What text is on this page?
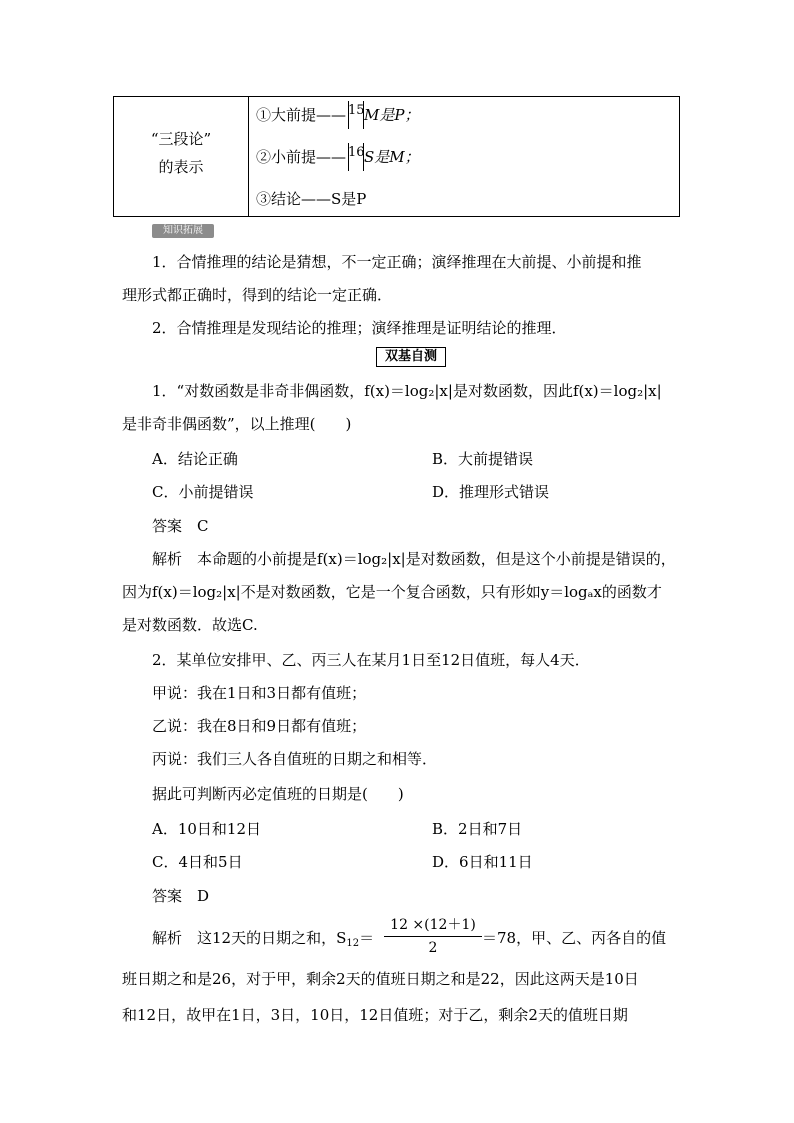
“三段论”
的表示
①大前提—— 15 M是P；
②小前提—— 16 S是M；
③结论——S是P
知识拓展
1．合情推理的结论是猜想，不一定正确；演绎推理在大前提、小前提和推
理形式都正确时，得到的结论一定正确．
2．合情推理是发现结论的推理；演绎推理是证明结论的推理．
双基自测
1．“对数函数是非奇非偶函数，f(x)＝log₂|x|是对数函数，因此f(x)＝log₂|x|
是非奇非偶函数”，以上推理(　　)
A．结论正确	B．大前提错误
C．小前提错误	D．推理形式错误
答案　C
解析　本命题的小前提是f(x)＝log₂|x|是对数函数，但是这个小前提是错误的，
因为f(x)＝log₂|x|不是对数函数，它是一个复合函数，只有形如y＝logₐx的函数才
是对数函数．故选C.
2．某单位安排甲、乙、丙三人在某月1日至12日值班，每人4天．
甲说：我在1日和3日都有值班；
乙说：我在8日和9日都有值班；
丙说：我们三人各自值班的日期之和相等．
据此可判断丙必定值班的日期是(　　)
A．10日和12日	B．2日和7日
C．4日和5日	D．6日和11日
答案　D
解析　这12天的日期之和，$S_{12}=$
12 ×(12＋1)
2
＝78，甲、乙、丙各自的值
班日期之和是26，对于甲，剩余2天的值班日期之和是22，因此这两天是10日
和12日，故甲在1日，3日，10日，12日值班；对于乙，剩余2天的值班日期
